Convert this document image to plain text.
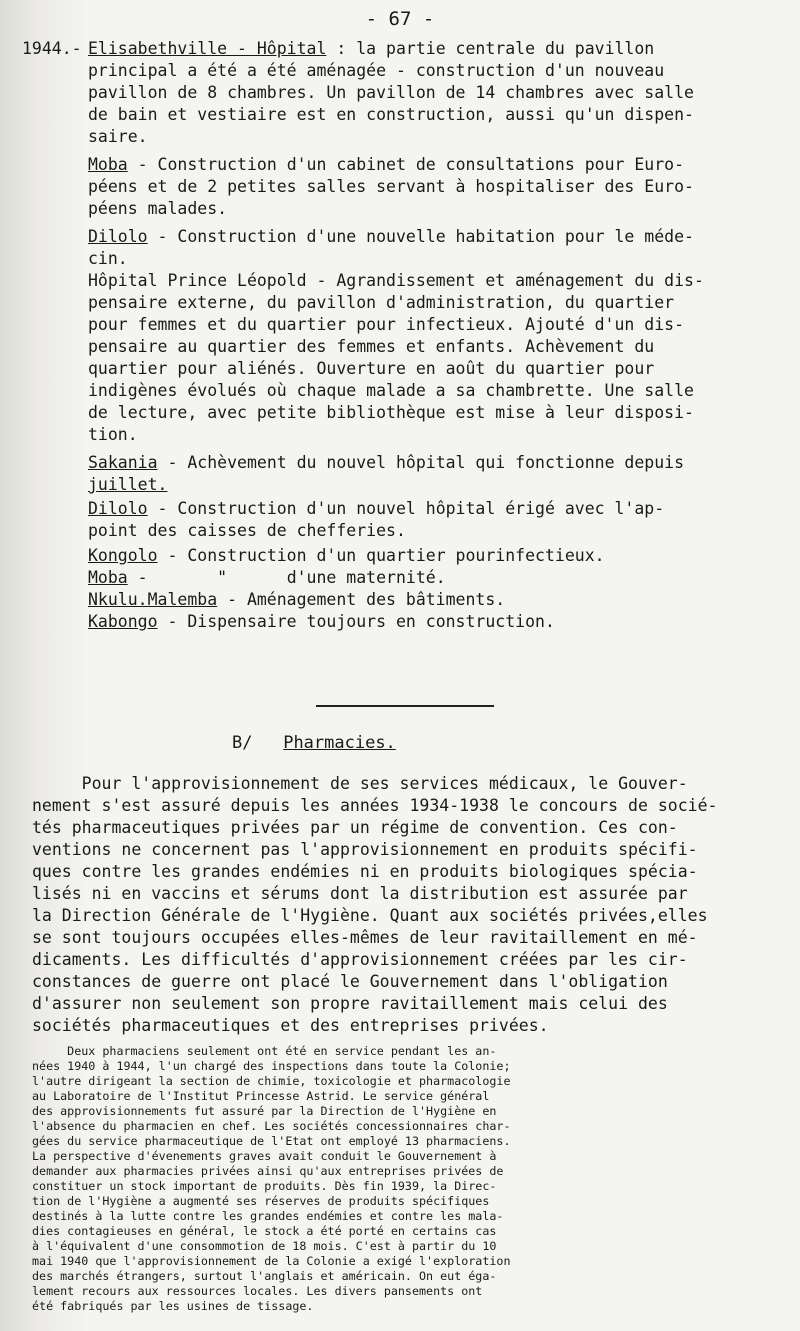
- 67 -
1944.- Elisabethville - Hôpital : la partie centrale du pavillon
principal a été a été aménagée - construction d'un nouveau
pavillon de 8 chambres. Un pavillon de 14 chambres avec salle
de bain et vestiaire est en construction, aussi qu'un dispen-
saire.
Moba - Construction d'un cabinet de consultations pour Euro-
péens et de 2 petites salles servant à hospitaliser des Euro-
péens malades.
Dilolo - Construction d'une nouvelle habitation pour le méde-
cin.
Hôpital Prince Léopold - Agrandissement et aménagement du dis-
pensaire externe, du pavillon d'administration, du quartier
pour femmes et du quartier pour infectieux. Ajouté d'un dis-
pensaire au quartier des femmes et enfants. Achèvement du
quartier pour aliénés. Ouverture en août du quartier pour
indigènes évolués où chaque malade a sa chambrette. Une salle
de lecture, avec petite bibliothèque est mise à leur disposi-
tion.
Sakania - Achèvement du nouvel hôpital qui fonctionne depuis
juillet.
Dilolo - Construction d'un nouvel hôpital érigé avec l'ap-
point des caisses de chefferies.
Kongolo - Construction d'un quartier pourinfectieux.
Moba -       "      d'une maternité.
Nkulu.Malemba - Aménagement des bâtiments.
Kabongo - Dispensaire toujours en construction.
B/ Pharmacies.
Pour l'approvisionnement de ses services médicaux, le Gouver-
nement s'est assuré depuis les années 1934-1938 le concours de socié-
tés pharmaceutiques privées par un régime de convention. Ces con-
ventions ne concernent pas l'approvisionnement en produits spécifi-
ques contre les grandes endémies ni en produits biologiques spécia-
lisés ni en vaccins et sérums dont la distribution est assurée par
la Direction Générale de l'Hygiène. Quant aux sociétés privées,elles
se sont toujours occupées elles-mêmes de leur ravitaillement en mé-
dicaments. Les difficultés d'approvisionnement créées par les cir-
constances de guerre ont placé le Gouvernement dans l'obligation
d'assurer non seulement son propre ravitaillement mais celui des
sociétés pharmaceutiques et des entreprises privées.
Deux pharmaciens seulement ont été en service pendant les an-
nées 1940 à 1944, l'un chargé des inspections dans toute la Colonie;
l'autre dirigeant la section de chimie, toxicologie et pharmacologie
au Laboratoire de l'Institut Princesse Astrid. Le service général
des approvisionnements fut assuré par la Direction de l'Hygiène en
l'absence du pharmacien en chef. Les sociétés concessionnaires char-
gées du service pharmaceutique de l'Etat ont employé 13 pharmaciens.
La perspective d'évenements graves avait conduit le Gouvernement à
demander aux pharmacies privées ainsi qu'aux entreprises privées de
constituer un stock important de produits. Dès fin 1939, la Direc-
tion de l'Hygiène a augmenté ses réserves de produits spécifiques
destinés à la lutte contre les grandes endémies et contre les mala-
dies contagieuses en général, le stock a été porté en certains cas
à l'équivalent d'une consommotion de 18 mois. C'est à partir du 10
mai 1940 que l'approvisionnement de la Colonie a exigé l'exploration
des marchés étrangers, surtout l'anglais et américain. On eut éga-
lement recours aux ressources locales. Les divers pansements ont
été fabriqués par les usines de tissage.
